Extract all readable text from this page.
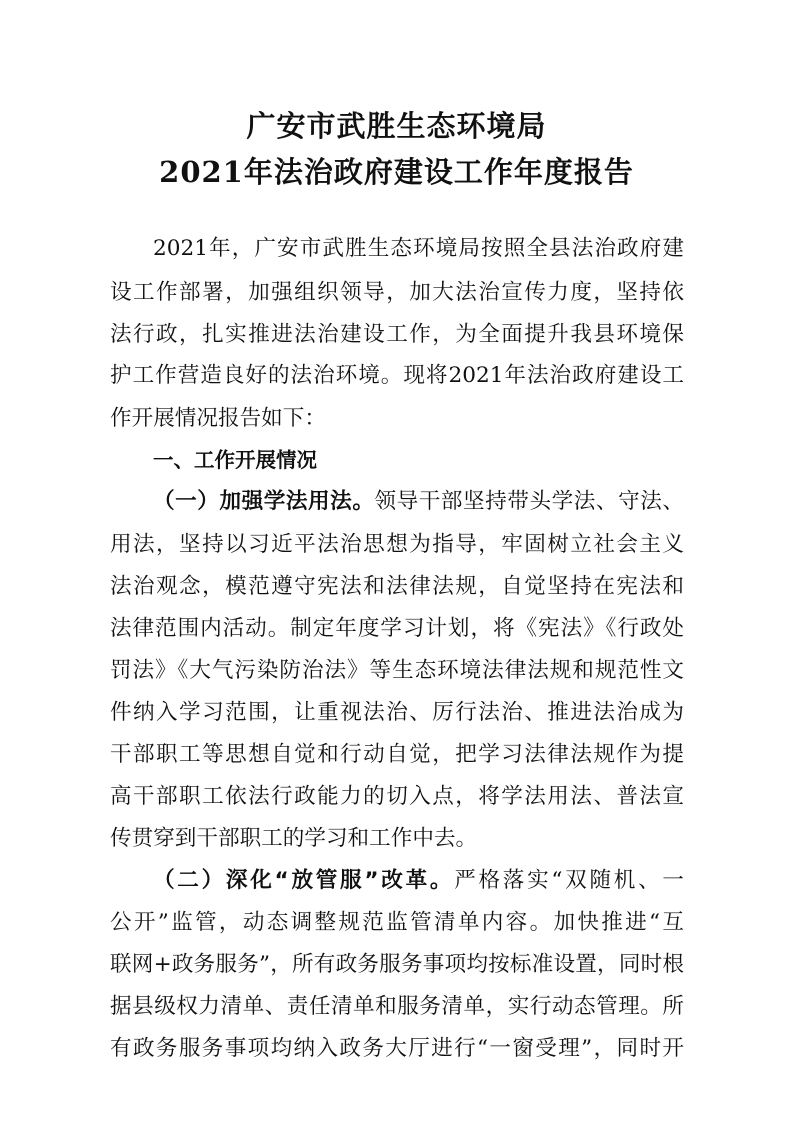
广安市武胜生态环境局
2021年法治政府建设工作年度报告
2021年，广安市武胜生态环境局按照全县法治政府建
设工作部署，加强组织领导，加大法治宣传力度，坚持依
法行政，扎实推进法治建设工作，为全面提升我县环境保
护工作营造良好的法治环境。现将2021年法治政府建设工
作开展情况报告如下：
一、工作开展情况
（一）加强学法用法。领导干部坚持带头学法、守法、
用法，坚持以习近平法治思想为指导，牢固树立社会主义
法治观念，模范遵守宪法和法律法规，自觉坚持在宪法和
法律范围内活动。制定年度学习计划，将《宪法》《行政处
罚法》《大气污染防治法》等生态环境法律法规和规范性文
件纳入学习范围，让重视法治、厉行法治、推进法治成为
干部职工等思想自觉和行动自觉，把学习法律法规作为提
高干部职工依法行政能力的切入点，将学法用法、普法宣
传贯穿到干部职工的学习和工作中去。
（二）深化“放管服”改革。严格落实“双随机、一
公开”监管，动态调整规范监管清单内容。加快推进“互
联网+政务服务”，所有政务服务事项均按标准设置，同时根
据县级权力清单、责任清单和服务清单，实行动态管理。所
有政务服务事项均纳入政务大厅进行“一窗受理”，同时开
